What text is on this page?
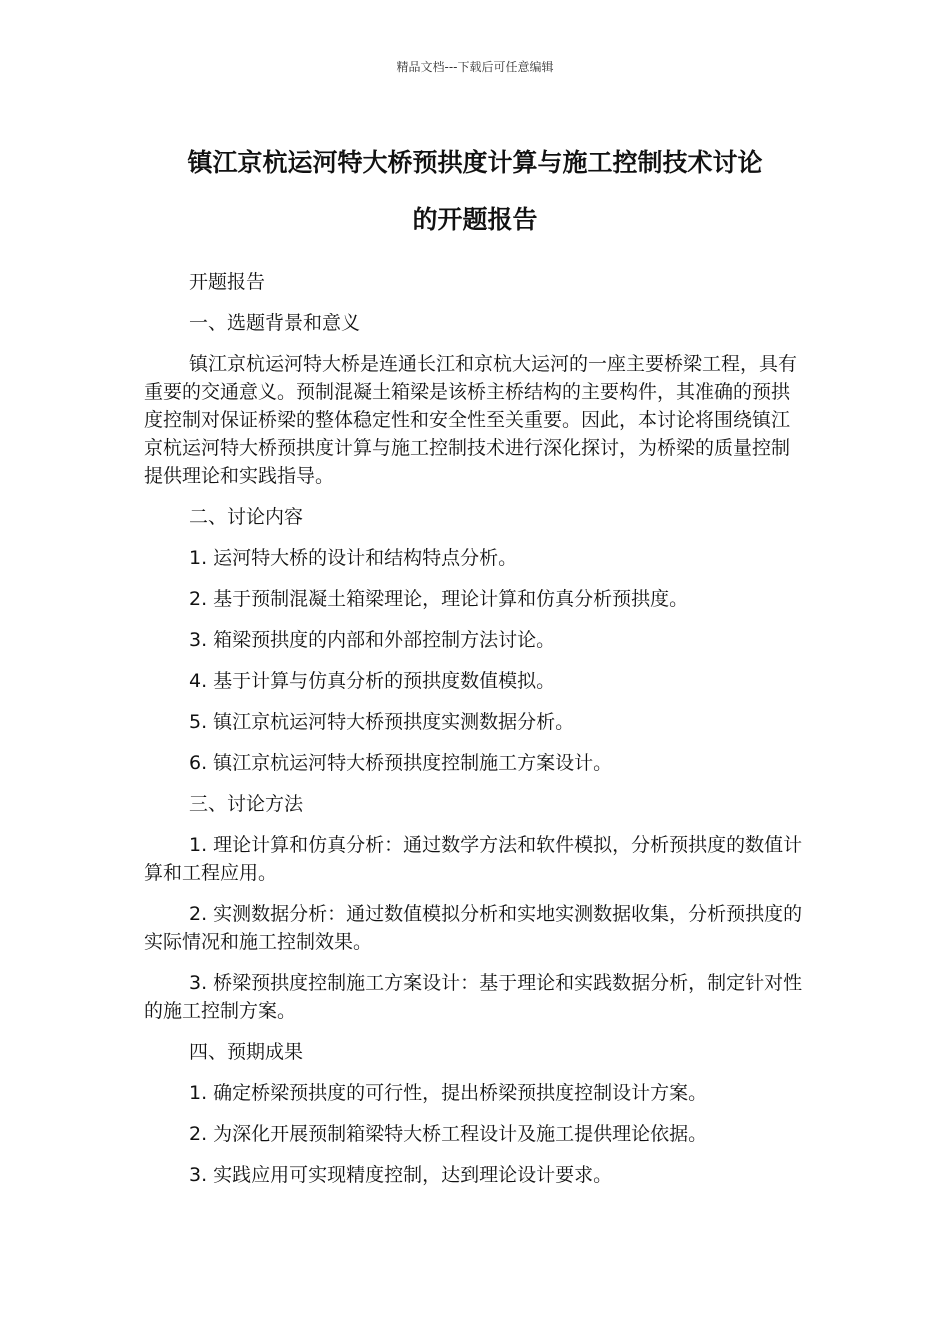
精品文档---下载后可任意编辑
镇江京杭运河特大桥预拱度计算与施工控制技术讨论
的开题报告

开题报告

一、选题背景和意义

镇江京杭运河特大桥是连通长江和京杭大运河的一座主要桥梁工程，具有重要的交通意义。预制混凝土箱梁是该桥主桥结构的主要构件，其准确的预拱度控制对保证桥梁的整体稳定性和安全性至关重要。因此，本讨论将围绕镇江京杭运河特大桥预拱度计算与施工控制技术进行深化探讨，为桥梁的质量控制提供理论和实践指导。

二、讨论内容

1. 运河特大桥的设计和结构特点分析。

2. 基于预制混凝土箱梁理论，理论计算和仿真分析预拱度。

3. 箱梁预拱度的内部和外部控制方法讨论。

4. 基于计算与仿真分析的预拱度数值模拟。

5. 镇江京杭运河特大桥预拱度实测数据分析。

6. 镇江京杭运河特大桥预拱度控制施工方案设计。

三、讨论方法

1. 理论计算和仿真分析：通过数学方法和软件模拟，分析预拱度的数值计算和工程应用。

2. 实测数据分析：通过数值模拟分析和实地实测数据收集，分析预拱度的实际情况和施工控制效果。

3. 桥梁预拱度控制施工方案设计：基于理论和实践数据分析，制定针对性的施工控制方案。

四、预期成果

1. 确定桥梁预拱度的可行性，提出桥梁预拱度控制设计方案。

2. 为深化开展预制箱梁特大桥工程设计及施工提供理论依据。

3. 实践应用可实现精度控制，达到理论设计要求。
